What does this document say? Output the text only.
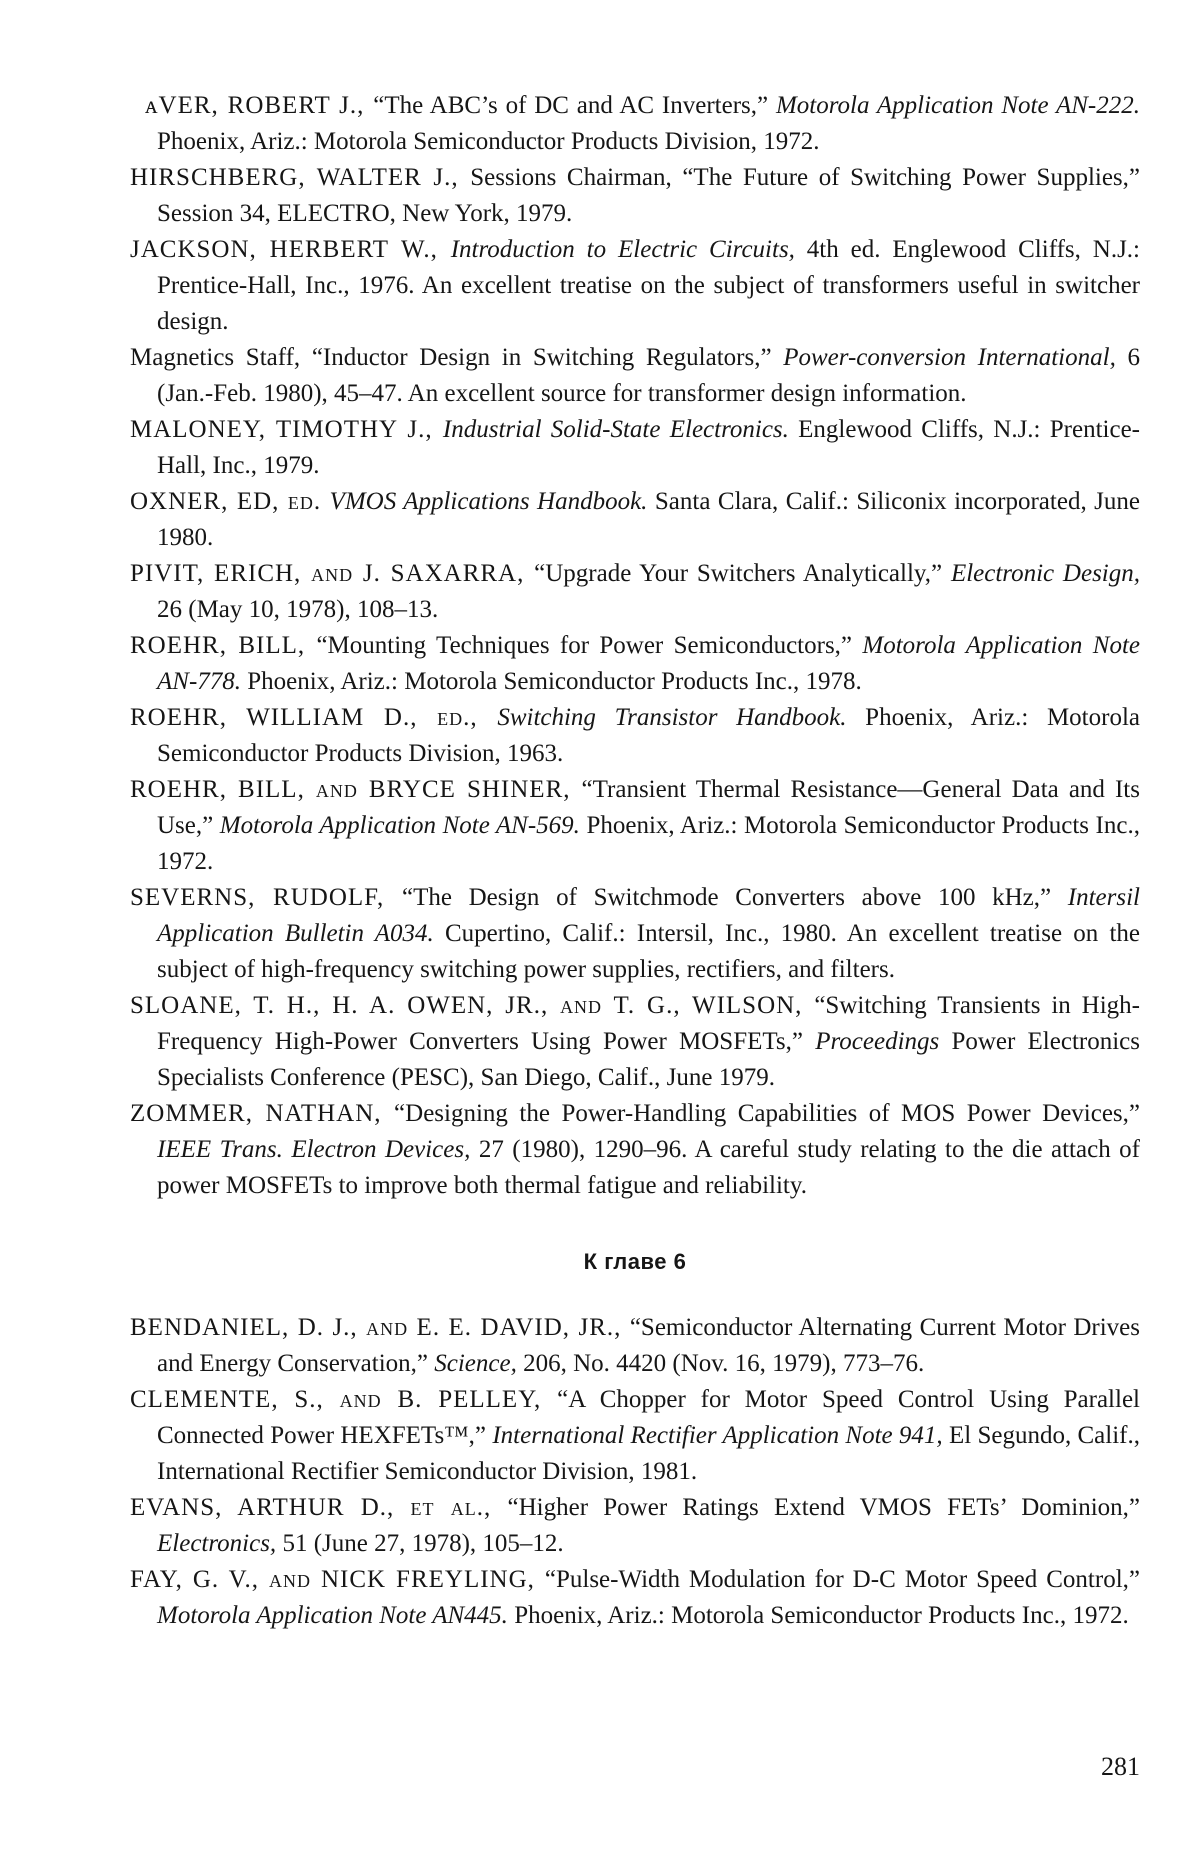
ɪᴀVER, ROBERT J., “The ABC’s of DC and AC Inverters,” Motorola Application Note AN-222. Phoenix, Ariz.: Motorola Semiconductor Products Division, 1972.

HIRSCHBERG, WALTER J., Sessions Chairman, “The Future of Switching Power Supplies,” Session 34, ELECTRO, New York, 1979.

JACKSON, HERBERT W., Introduction to Electric Circuits, 4th ed. Englewood Cliffs, N.J.: Prentice-Hall, Inc., 1976. An excellent treatise on the subject of transformers useful in switcher design.

Magnetics Staff, “Inductor Design in Switching Regulators,” Power-conversion International, 6 (Jan.-Feb. 1980), 45–47. An excellent source for transformer design information.

MALONEY, TIMOTHY J., Industrial Solid-State Electronics. Englewood Cliffs, N.J.: Prentice-Hall, Inc., 1979.

OXNER, ED, ed. VMOS Applications Handbook. Santa Clara, Calif.: Siliconix incorporated, June 1980.

PIVIT, ERICH, and J. SAXARRA, “Upgrade Your Switchers Analytically,” Electronic Design, 26 (May 10, 1978), 108–13.

ROEHR, BILL, “Mounting Techniques for Power Semiconductors,” Motorola Application Note AN-778. Phoenix, Ariz.: Motorola Semiconductor Products Inc., 1978.

ROEHR, WILLIAM D., ed., Switching Transistor Handbook. Phoenix, Ariz.: Motorola Semiconductor Products Division, 1963.

ROEHR, BILL, and BRYCE SHINER, “Transient Thermal Resistance—General Data and Its Use,” Motorola Application Note AN-569. Phoenix, Ariz.: Motorola Semiconductor Products Inc., 1972.

SEVERNS, RUDOLF, “The Design of Switchmode Converters above 100 kHz,” Intersil Application Bulletin A034. Cupertino, Calif.: Intersil, Inc., 1980. An excellent treatise on the subject of high-frequency switching power supplies, rectifiers, and filters.

SLOANE, T. H., H. A. OWEN, JR., and T. G., WILSON, “Switching Transients in High-Frequency High-Power Converters Using Power MOSFETs,” Proceedings Power Electronics Specialists Conference (PESC), San Diego, Calif., June 1979.

ZOMMER, NATHAN, “Designing the Power-Handling Capabilities of MOS Power Devices,” IEEE Trans. Electron Devices, 27 (1980), 1290–96. A careful study relating to the die attach of power MOSFETs to improve both thermal fatigue and reliability.

К главе 6

BENDANIEL, D. J., and E. E. DAVID, JR., “Semiconductor Alternating Current Motor Drives and Energy Conservation,” Science, 206, No. 4420 (Nov. 16, 1979), 773–76.

CLEMENTE, S., and B. PELLEY, “A Chopper for Motor Speed Control Using Parallel Connected Power HEXFETs™,” International Rectifier Application Note 941, El Segundo, Calif., International Rectifier Semiconductor Division, 1981.

EVANS, ARTHUR D., et al., “Higher Power Ratings Extend VMOS FETs’ Dominion,” Electronics, 51 (June 27, 1978), 105–12.

FAY, G. V., and NICK FREYLING, “Pulse-Width Modulation for D-C Motor Speed Control,” Motorola Application Note AN445. Phoenix, Ariz.: Motorola Semiconductor Products Inc., 1972.

281
